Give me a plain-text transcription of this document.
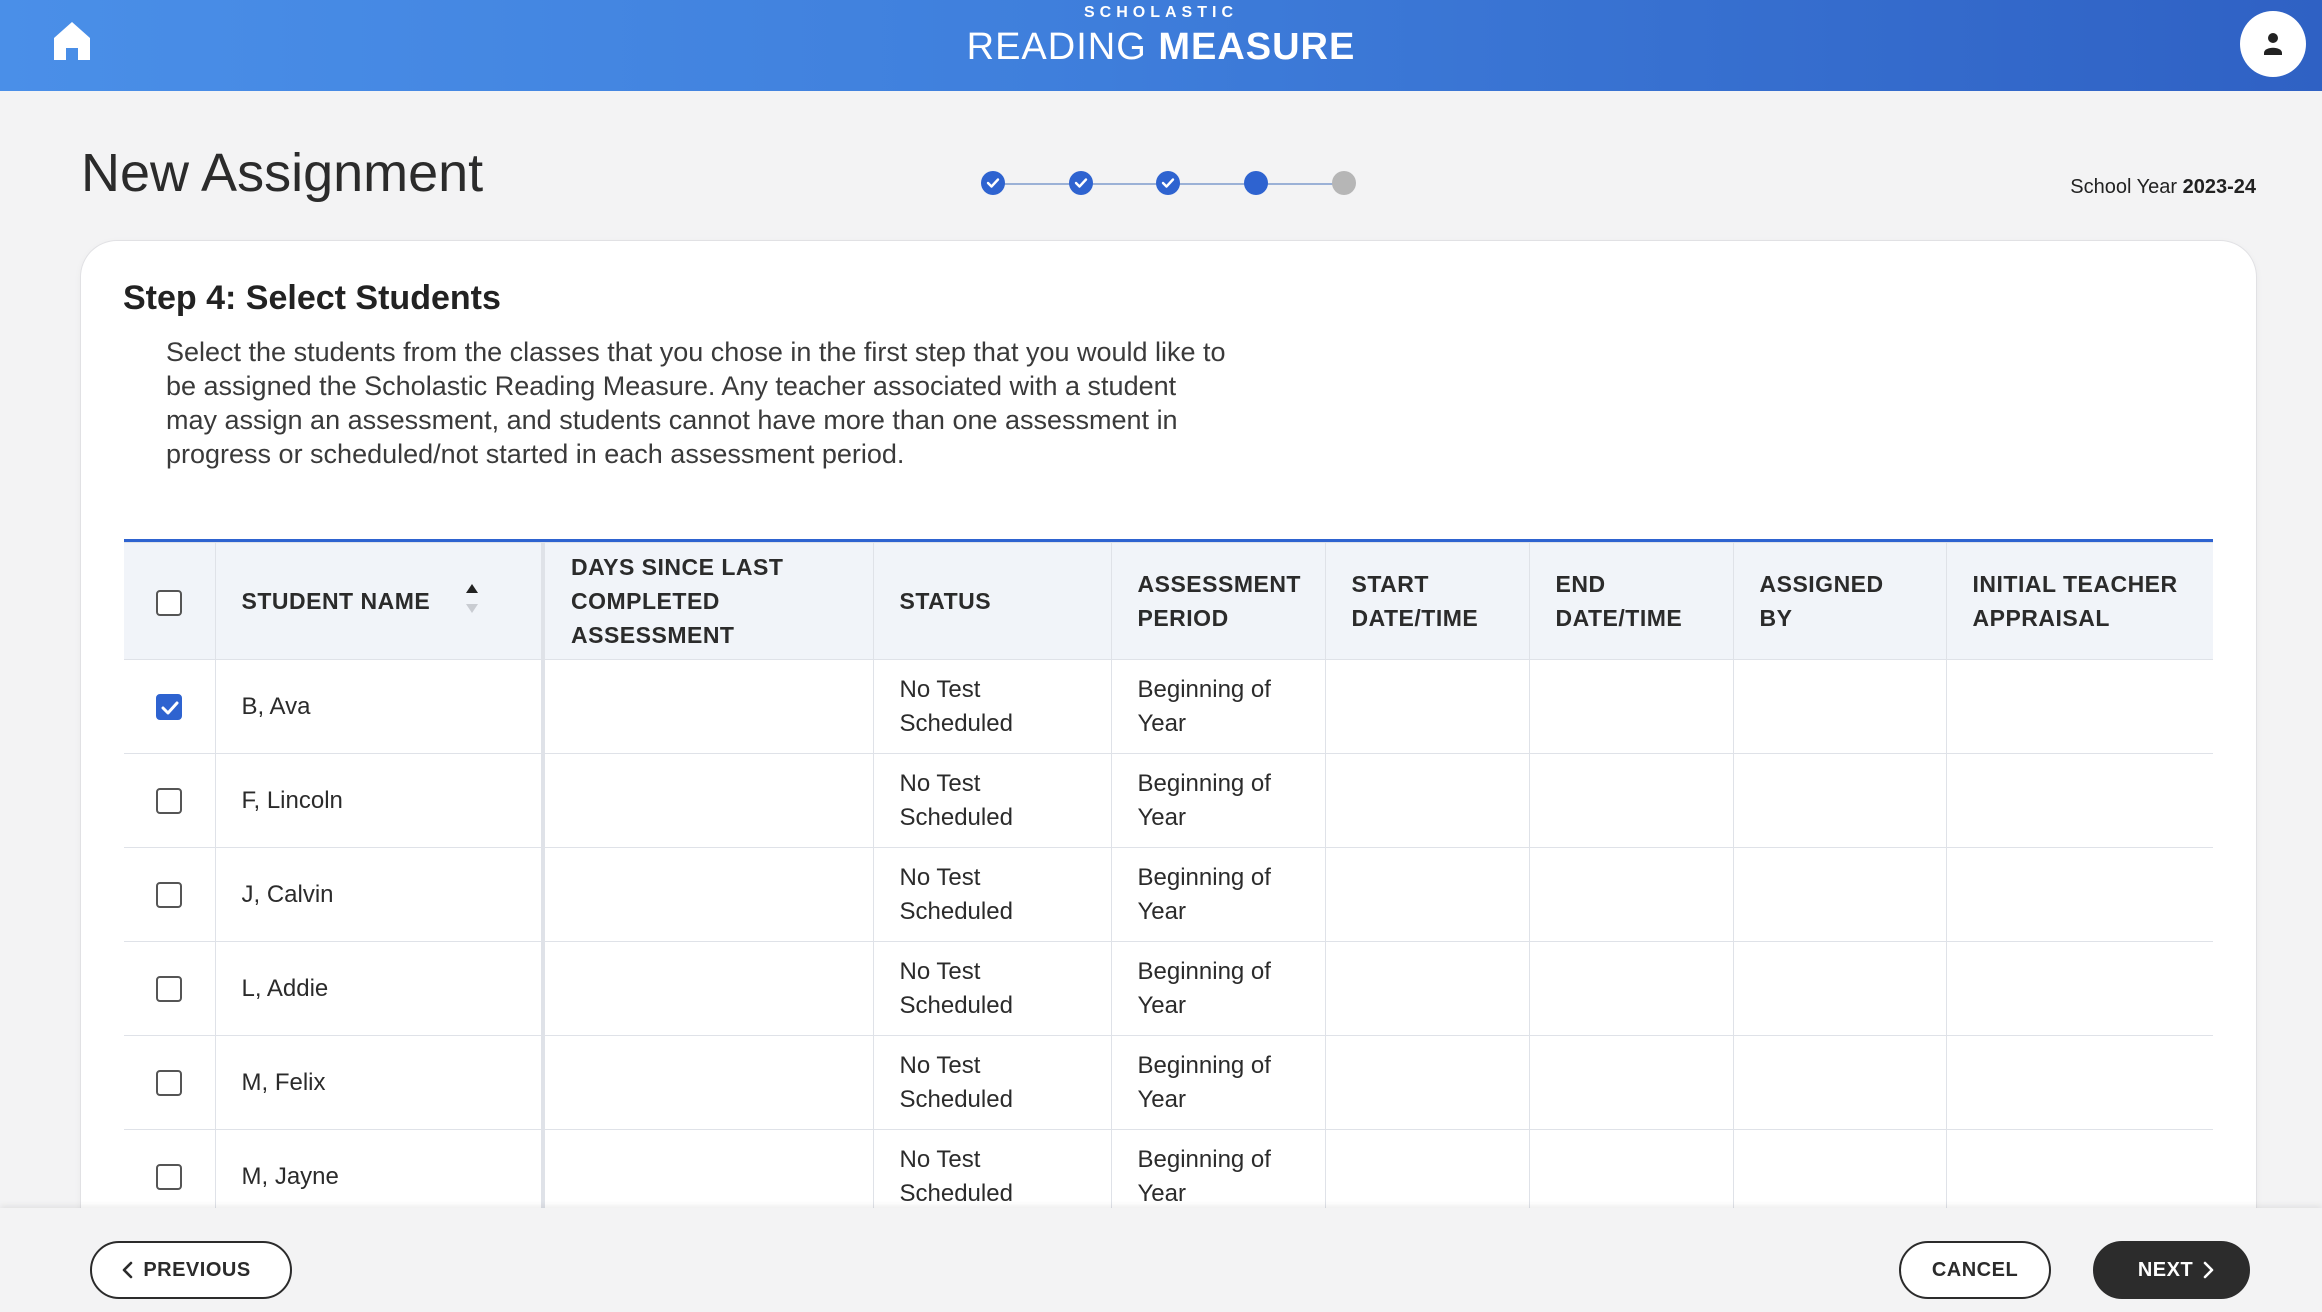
SCHOLASTIC
READING MEASURE
New Assignment	School Year 2023-24
Step 4: Select Students

Select the students from the classes that you chose in the first step that you would like to be assigned the Scholastic Reading Measure. Any teacher associated with a student may assign an assessment, and students cannot have more than one assessment in progress or scheduled/not started in each assessment period.

	STUDENT NAME	DAYS SINCE LAST COMPLETED ASSESSMENT	STATUS	ASSESSMENT PERIOD	START DATE/TIME	END DATE/TIME	ASSIGNED BY	INITIAL TEACHER APPRAISAL

	B, Ava		No Test Scheduled	Beginning of Year				
	F, Lincoln		No Test Scheduled	Beginning of Year				
	J, Calvin		No Test Scheduled	Beginning of Year				
	L, Addie		No Test Scheduled	Beginning of Year				
	M, Felix		No Test Scheduled	Beginning of Year				
	M, Jayne		No Test Scheduled	Beginning of Year				
PREVIOUS	CANCEL	NEXT
